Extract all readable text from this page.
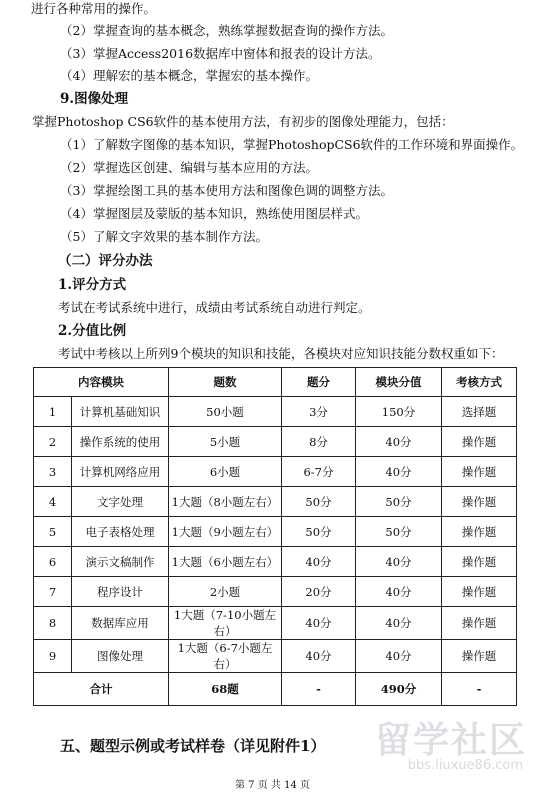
进行各种常用的操作。
（2）掌握查询的基本概念，熟练掌握数据查询的操作方法。
（3）掌握Access2016数据库中窗体和报表的设计方法。
（4）理解宏的基本概念，掌握宏的基本操作。
9.图像处理
掌握Photoshop CS6软件的基本使用方法，有初步的图像处理能力，包括：
（1）了解数字图像的基本知识，掌握PhotoshopCS6软件的工作环境和界面操作。
（2）掌握选区创建、编辑与基本应用的方法。
（3）掌握绘图工具的基本使用方法和图像色调的调整方法。
（4）掌握图层及蒙版的基本知识，熟练使用图层样式。
（5）了解文字效果的基本制作方法。
（二）评分办法
1.评分方式
考试在考试系统中进行，成绩由考试系统自动进行判定。
2.分值比例
考试中考核以上所列9个模块的知识和技能，各模块对应知识技能分数权重如下：
内容模块		题数	题分	模块分值	考核方式
1	计算机基础知识	50小题	3分	150分	选择题
2	操作系统的使用	5小题	8分	40分	操作题
3	计算机网络应用	6小题	6-7分	40分	操作题
4	文字处理	1大题（8小题左右）	50分	50分	操作题
5	电子表格处理	1大题（9小题左右）	50分	50分	操作题
6	演示文稿制作	1大题（6小题左右）	40分	40分	操作题
7	程序设计	2小题	20分	40分	操作题
8	数据库应用	1大题（7-10小题左右）	40分	40分	操作题
9	图像处理	1大题（6-7小题左右）	40分	40分	操作题
合计		68题	-	490分	-
五、题型示例或考试样卷（详见附件1）
第 7 页 共 14 页
留学社区
bbs.liuxue86.com
